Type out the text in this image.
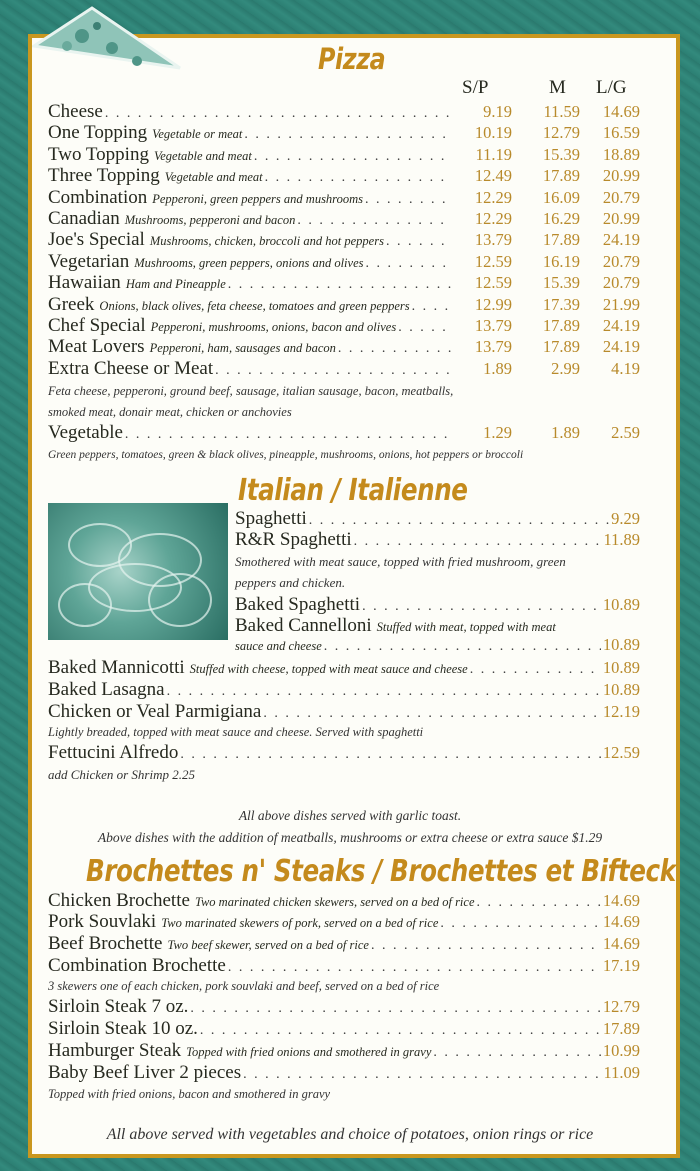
Pizza
S/P	M L/G
Cheese . . .	9.19	11.59	14.69
One Topping Vegetable or meat . . .	10.19	12.79	16.59
Two Topping Vegetable and meat . . .	11.19	15.39	18.89
Three Topping Vegetable and meat . . .	12.49	17.89	20.99
Combination Pepperoni, green peppers and mushrooms . . .	12.29	16.09	20.79
Canadian Mushrooms, pepperoni and bacon . . .	12.29	16.29	20.99
Joe's Special Mushrooms, chicken, broccoli and hot peppers . . .	13.79	17.89	24.19
Vegetarian Mushrooms, green peppers, onions and olives . . .	12.59	16.19	20.79
Hawaiian Ham and Pineapple . . .	12.59	15.39	20.79
Greek Onions, black olives, feta cheese, tomatoes and green peppers . . .	12.99	17.39	21.99
Chef Special Pepperoni, mushrooms, onions, bacon and olives . . .	13.79	17.89	24.19
Meat Lovers Pepperoni, ham, sausages and bacon . . .	13.79	17.89	24.19
Extra Cheese or Meat . . .	1.89	2.99	4.19
Feta cheese, pepperoni, ground beef, sausage, italian sausage, bacon, meatballs,
smoked meat, donair meat, chicken or anchovies
Vegetable . . .	1.29	1.89	2.59
Green peppers, tomatoes, green & black olives, pineapple, mushrooms, onions, hot peppers or broccoli
Italian / Italienne
Spaghetti . . .	9.29
R&R Spaghetti . . .	11.89
Smothered with meat sauce, topped with fried mushroom, green
peppers and chicken.
Baked Spaghetti . . .	10.89
Baked Cannelloni Stuffed with meat, topped with meat
sauce and cheese . . .	10.89
Baked Mannicotti Stuffed with cheese, topped with meat sauce and cheese . . .	10.89
Baked Lasagna . . .	10.89
Chicken or Veal Parmigiana . . .	12.19
Lightly breaded, topped with meat sauce and cheese. Served with spaghetti
Fettucini Alfredo . . .	12.59
add Chicken or Shrimp 2.25
All above dishes served with garlic toast.
Above dishes with the addition of meatballs, mushrooms or extra cheese or extra sauce $1.29
Brochettes n' Steaks / Brochettes et Bifteck
Chicken Brochette Two marinated chicken skewers, served on a bed of rice . . .	14.69
Pork Souvlaki Two marinated skewers of pork, served on a bed of rice . . .	14.69
Beef Brochette Two beef skewer, served on a bed of rice . . .	14.69
Combination Brochette . . .	17.19
3 skewers one of each chicken, pork souvlaki and beef, served on a bed of rice
Sirloin Steak 7 oz. . . .	12.79
Sirloin Steak 10 oz. . . .	17.89
Hamburger Steak Topped with fried onions and smothered in gravy . . .	10.99
Baby Beef Liver 2 pieces . . .	11.09
Topped with fried onions, bacon and smothered in gravy
All above served with vegetables and choice of potatoes, onion rings or rice
